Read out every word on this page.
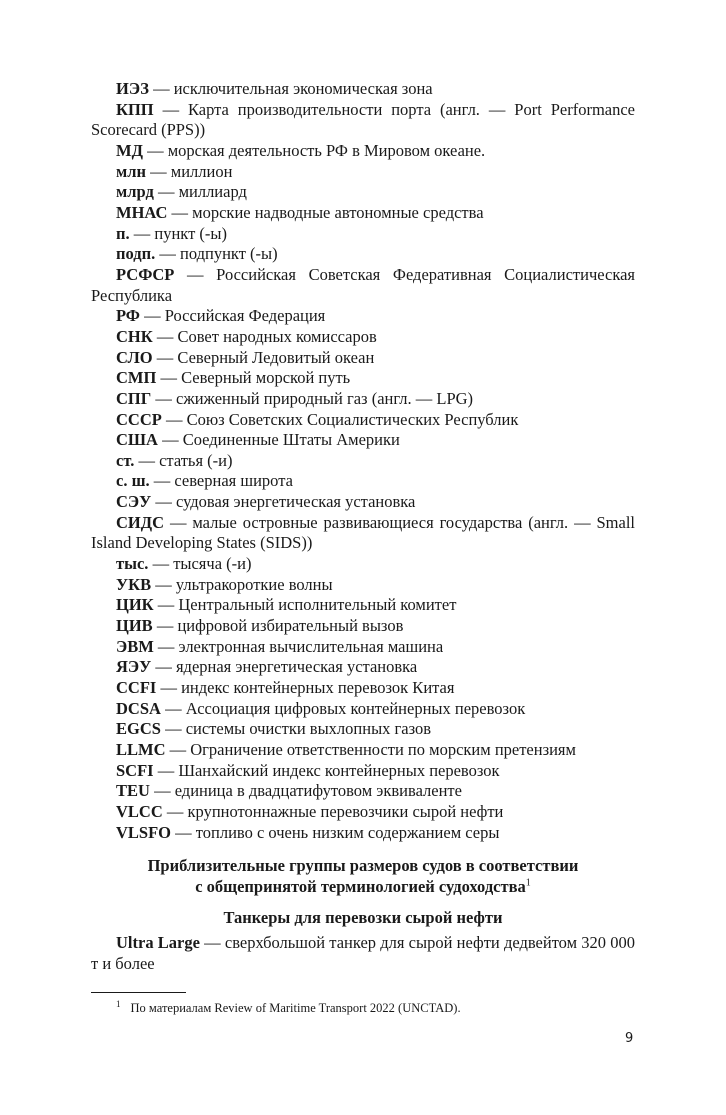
ИЭЗ — исключительная экономическая зона
КПП — Карта производительности порта (англ. — Port Performance Scorecard (PPS))
МД — морская деятельность РФ в Мировом океане.
млн — миллион
млрд — миллиард
МНАС — морские надводные автономные средства
п. — пункт (-ы)
подп. — подпункт (-ы)
РСФСР — Российская Советская Федеративная Социалистическая Республика
РФ — Российская Федерация
СНК — Совет народных комиссаров
СЛО — Северный Ледовитый океан
СМП — Северный морской путь
СПГ — сжиженный природный газ (англ. — LPG)
СССР — Союз Советских Социалистических Республик
США — Соединенные Штаты Америки
ст. — статья (-и)
с. ш. — северная широта
СЭУ — судовая энергетическая установка
СИДС — малые островные развивающиеся государства (англ. — Small Island Developing States (SIDS))
тыс. — тысяча (-и)
УКВ — ультракороткие волны
ЦИК — Центральный исполнительный комитет
ЦИВ — цифровой избирательный вызов
ЭВМ — электронная вычислительная машина
ЯЭУ — ядерная энергетическая установка
CCFI — индекс контейнерных перевозок Китая
DCSA — Ассоциация цифровых контейнерных перевозок
EGCS — системы очистки выхлопных газов
LLMC — Ограничение ответственности по морским претензиям
SCFI — Шанхайский индекс контейнерных перевозок
TEU — единица в двадцатифутовом эквиваленте
VLCC — крупнотоннажные перевозчики сырой нефти
VLSFO — топливо с очень низким содержанием серы
Приблизительные группы размеров судов в соответствии
с общепринятой терминологией судоходства$^1$
Танкеры для перевозки сырой нефти
Ultra Large — сверхбольшой танкер для сырой нефти дедвейтом 320 000 т и более
$^1$ По материалам Review of Maritime Transport 2022 (UNCTAD).
9
